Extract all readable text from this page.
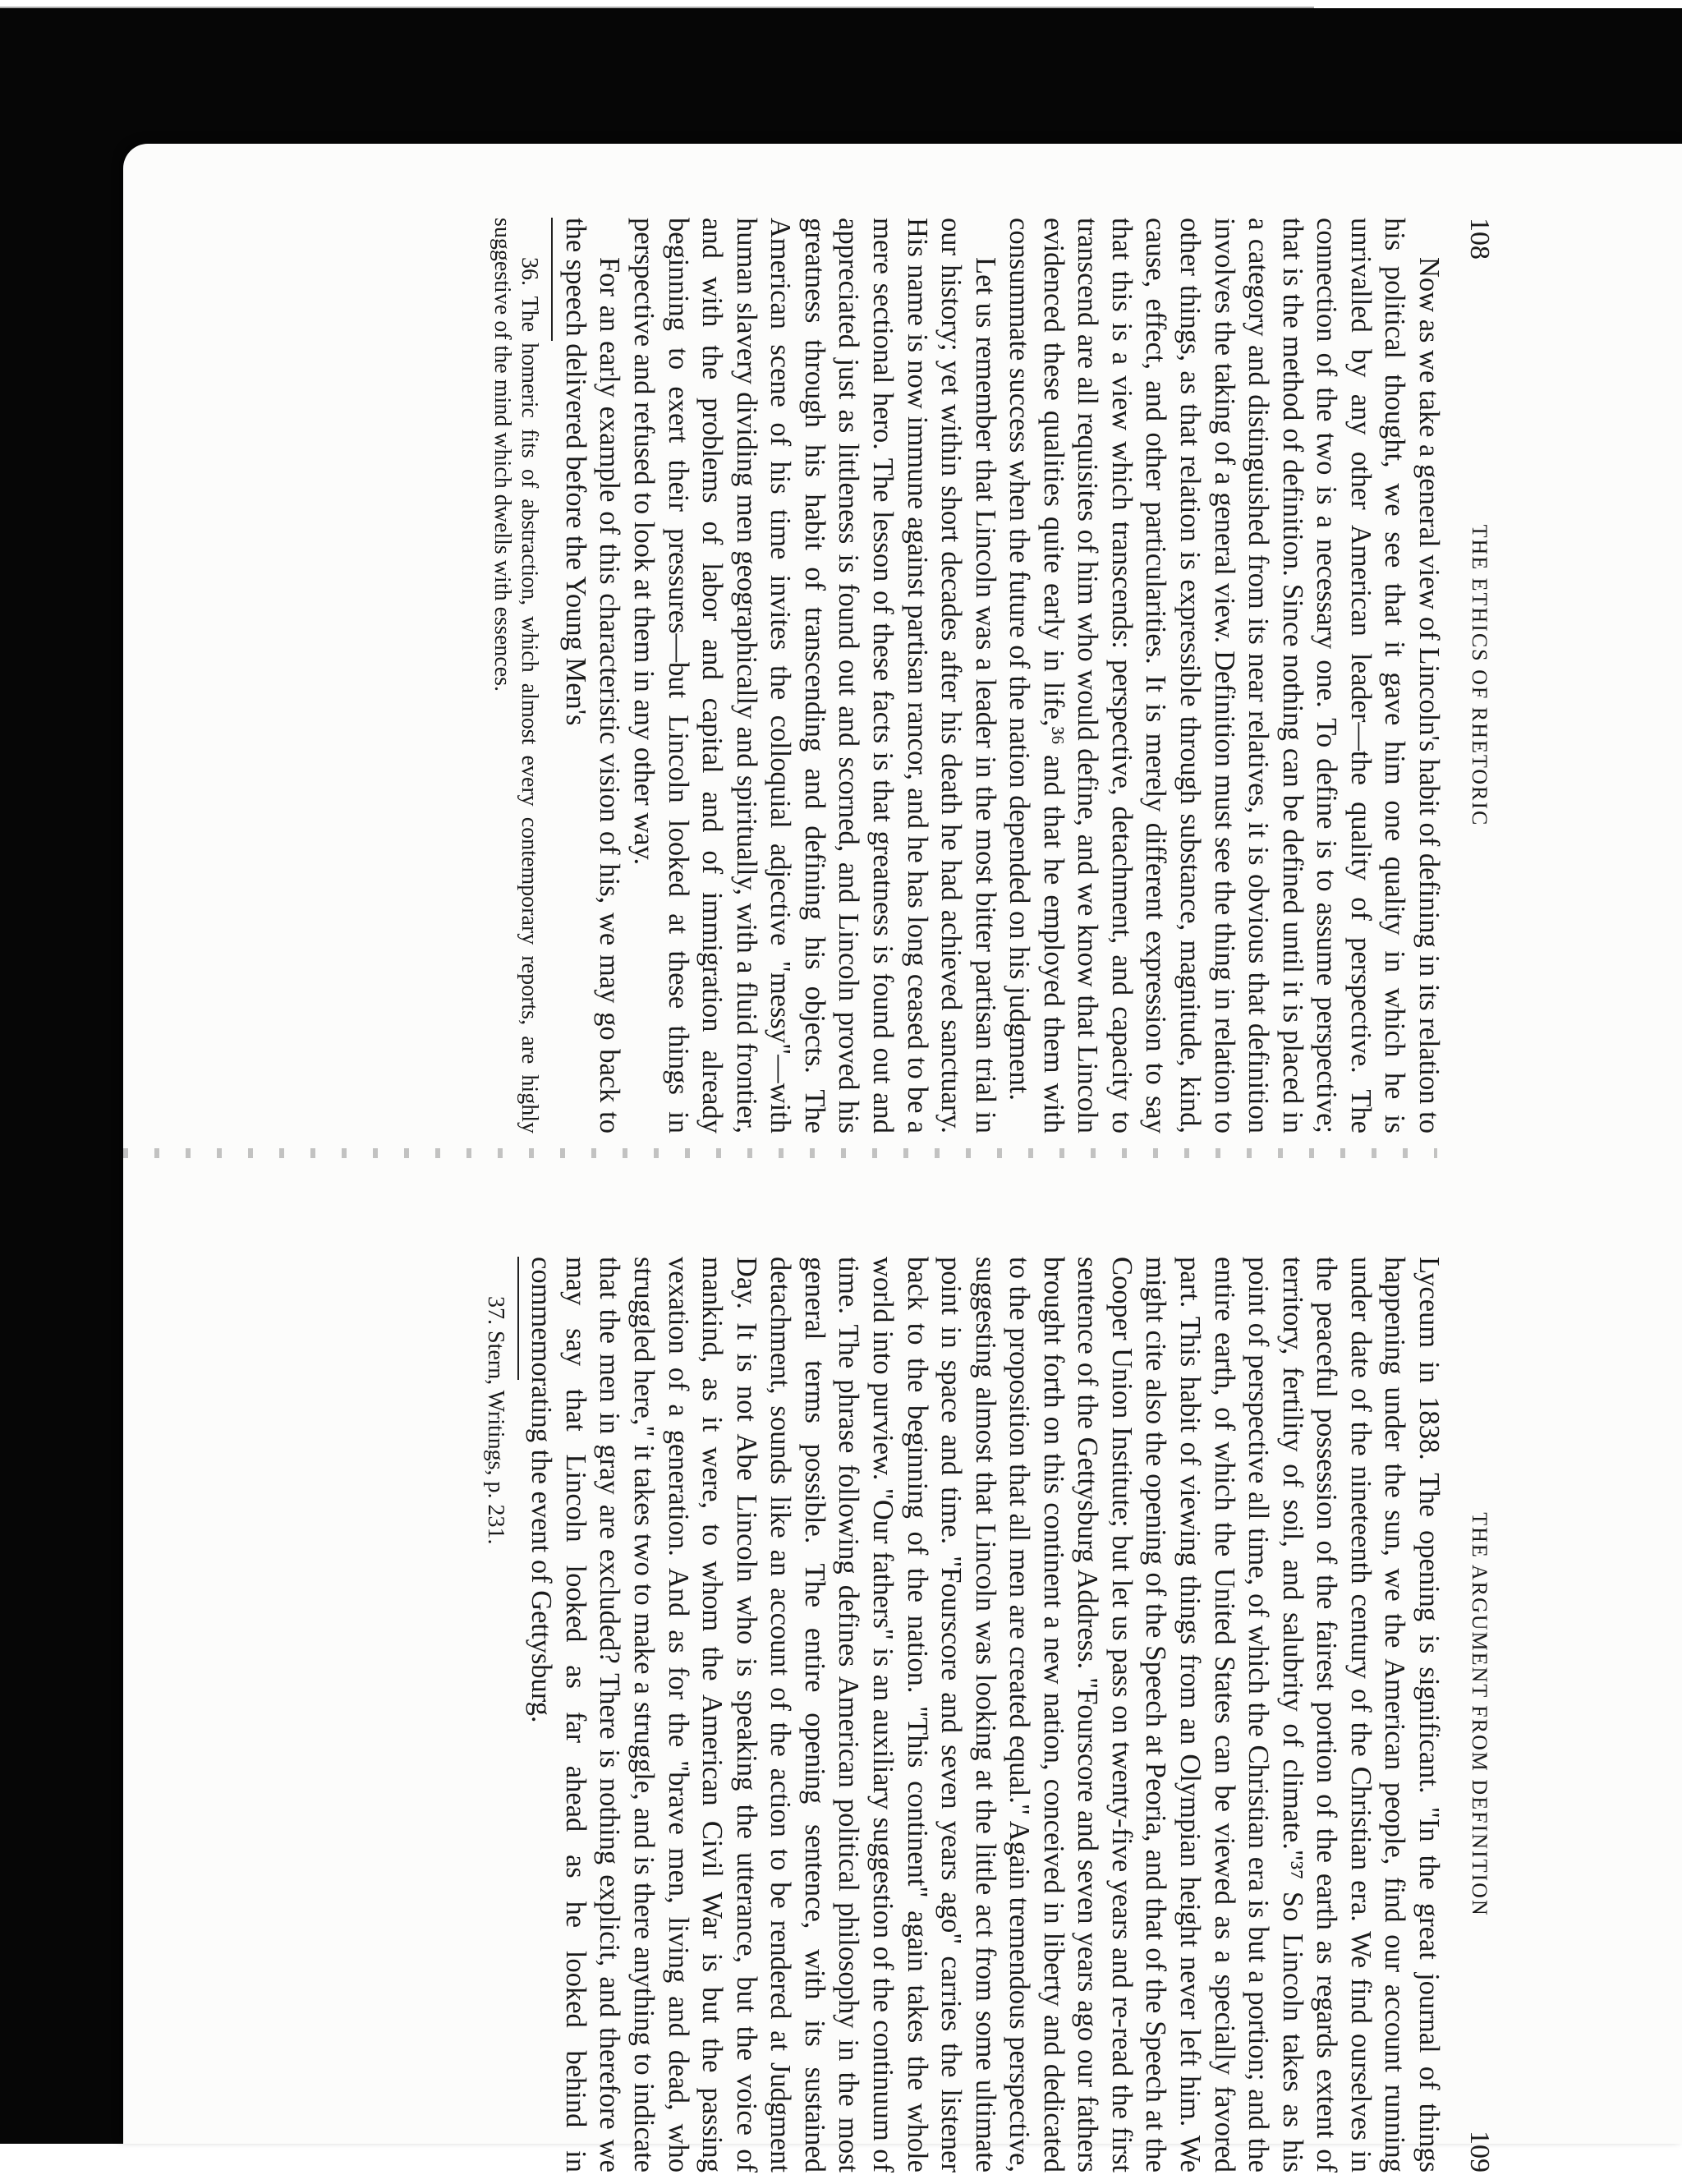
108
THE ETHICS OF RHETORIC

Now as we take a general view of Lincoln's habit of defining in its relation to his political thought, we see that it gave him one quality in which he is unrivalled by any other American leader—the quality of perspective. The connection of the two is a necessary one. To define is to assume perspective; that is the method of definition. Since nothing can be defined until it is placed in a category and distinguished from its near relatives, it is obvious that definition involves the taking of a general view. Definition must see the thing in relation to other things, as that relation is expressible through substance, magnitude, kind, cause, effect, and other particularities. It is merely different expression to say that this is a view which transcends: perspective, detachment, and capacity to transcend are all requisites of him who would define, and we know that Lincoln evidenced these qualities quite early in life,³⁶ and that he employed them with consummate success when the future of the nation depended on his judgment.

Let us remember that Lincoln was a leader in the most bitter partisan trial in our history; yet within short decades after his death he had achieved sanctuary. His name is now immune against partisan rancor, and he has long ceased to be a mere sectional hero. The lesson of these facts is that greatness is found out and appreciated just as littleness is found out and scorned, and Lincoln proved his greatness through his habit of transcending and defining his objects. The American scene of his time invites the colloquial adjective "messy"—with human slavery dividing men geographically and spiritually, with a fluid frontier, and with the problems of labor and capital and of immigration already beginning to exert their pressures—but Lincoln looked at these things in perspective and refused to look at them in any other way.

For an early example of this characteristic vision of his, we may go back to the speech delivered before the Young Men's

36. The homeric fits of abstraction, which almost every contemporary reports, are highly suggestive of the mind which dwells with essences.

THE ARGUMENT FROM DEFINITION
109

Lyceum in 1838. The opening is significant. "In the great journal of things happening under the sun, we the American people, find our account running under date of the nineteenth century of the Christian era. We find ourselves in the peaceful possession of the fairest portion of the earth as regards extent of territory, fertility of soil, and salubrity of climate."³⁷ So Lincoln takes as his point of perspective all time, of which the Christian era is but a portion; and the entire earth, of which the United States can be viewed as a specially favored part. This habit of viewing things from an Olympian height never left him. We might cite also the opening of the Speech at Peoria, and that of the Speech at the Cooper Union Institute; but let us pass on twenty-five years and re-read the first sentence of the Gettysburg Address. "Fourscore and seven years ago our fathers brought forth on this continent a new nation, conceived in liberty and dedicated to the proposition that all men are created equal." Again tremendous perspective, suggesting almost that Lincoln was looking at the little act from some ultimate point in space and time. "Fourscore and seven years ago" carries the listener back to the beginning of the nation. "This continent" again takes the whole world into purview. "Our fathers" is an auxiliary suggestion of the continuum of time. The phrase following defines American political philosophy in the most general terms possible. The entire opening sentence, with its sustained detachment, sounds like an account of the action to be rendered at Judgment Day. It is not Abe Lincoln who is speaking the utterance, but the voice of mankind, as it were, to whom the American Civil War is but the passing vexation of a generation. And as for the "brave men, living and dead, who struggled here," it takes two to make a struggle, and is there anything to indicate that the men in gray are excluded? There is nothing explicit, and therefore we may say that Lincoln looked as far ahead as he looked behind in commemorating the event of Gettysburg.

37. Stern, Writings, p. 231.
